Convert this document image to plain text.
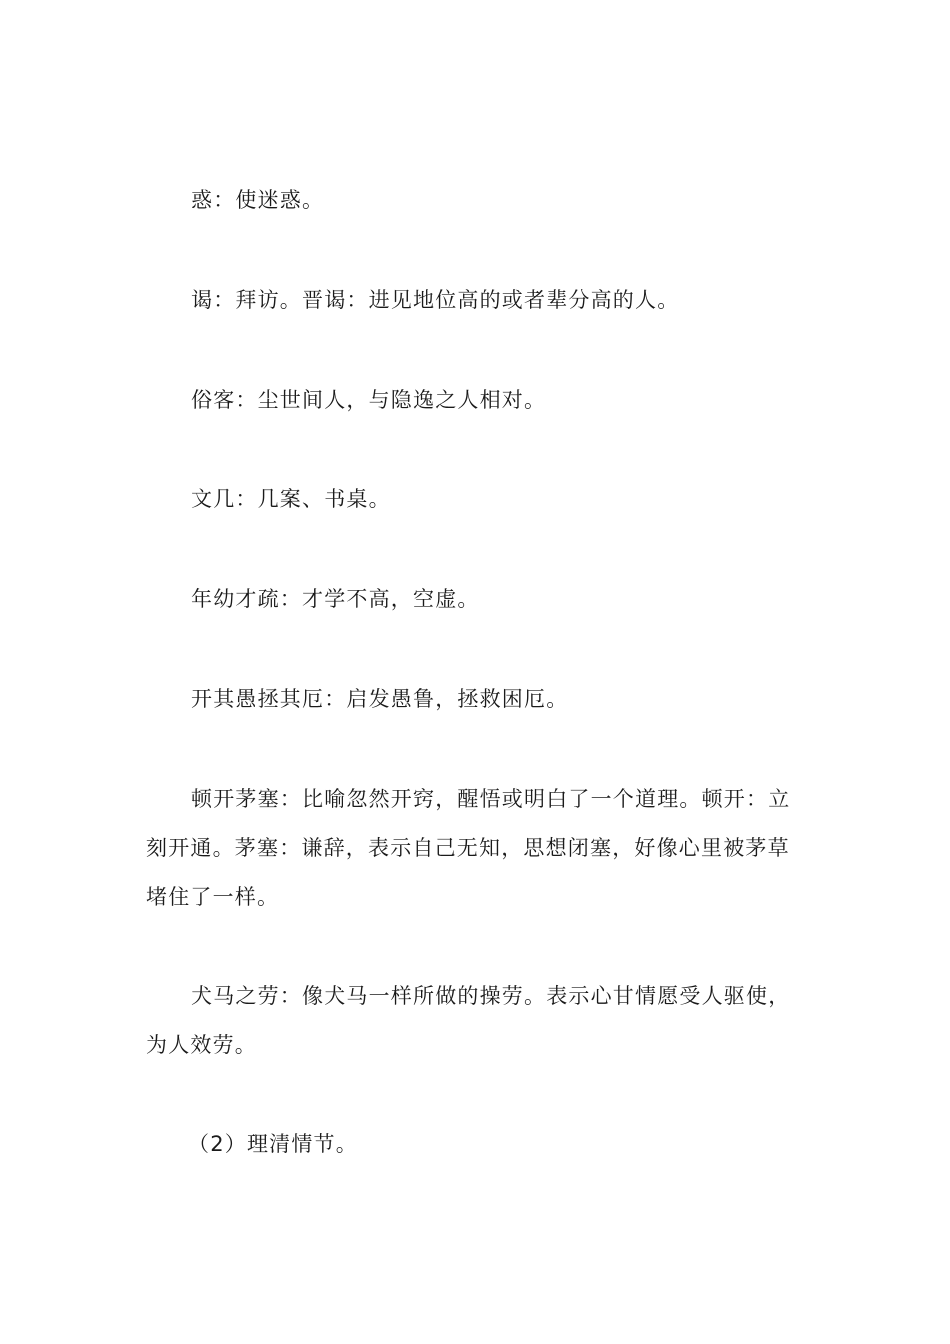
惑：使迷惑。

谒：拜访。晋谒：进见地位高的或者辈分高的人。

俗客：尘世间人，与隐逸之人相对。

文几：几案、书桌。

年幼才疏：才学不高，空虚。

开其愚拯其厄：启发愚鲁，拯救困厄。

顿开茅塞：比喻忽然开窍，醒悟或明白了一个道理。顿开：立刻开通。茅塞：谦辞，表示自己无知，思想闭塞，好像心里被茅草堵住了一样。

犬马之劳：像犬马一样所做的操劳。表示心甘情愿受人驱使，为人效劳。

（2）理清情节。
